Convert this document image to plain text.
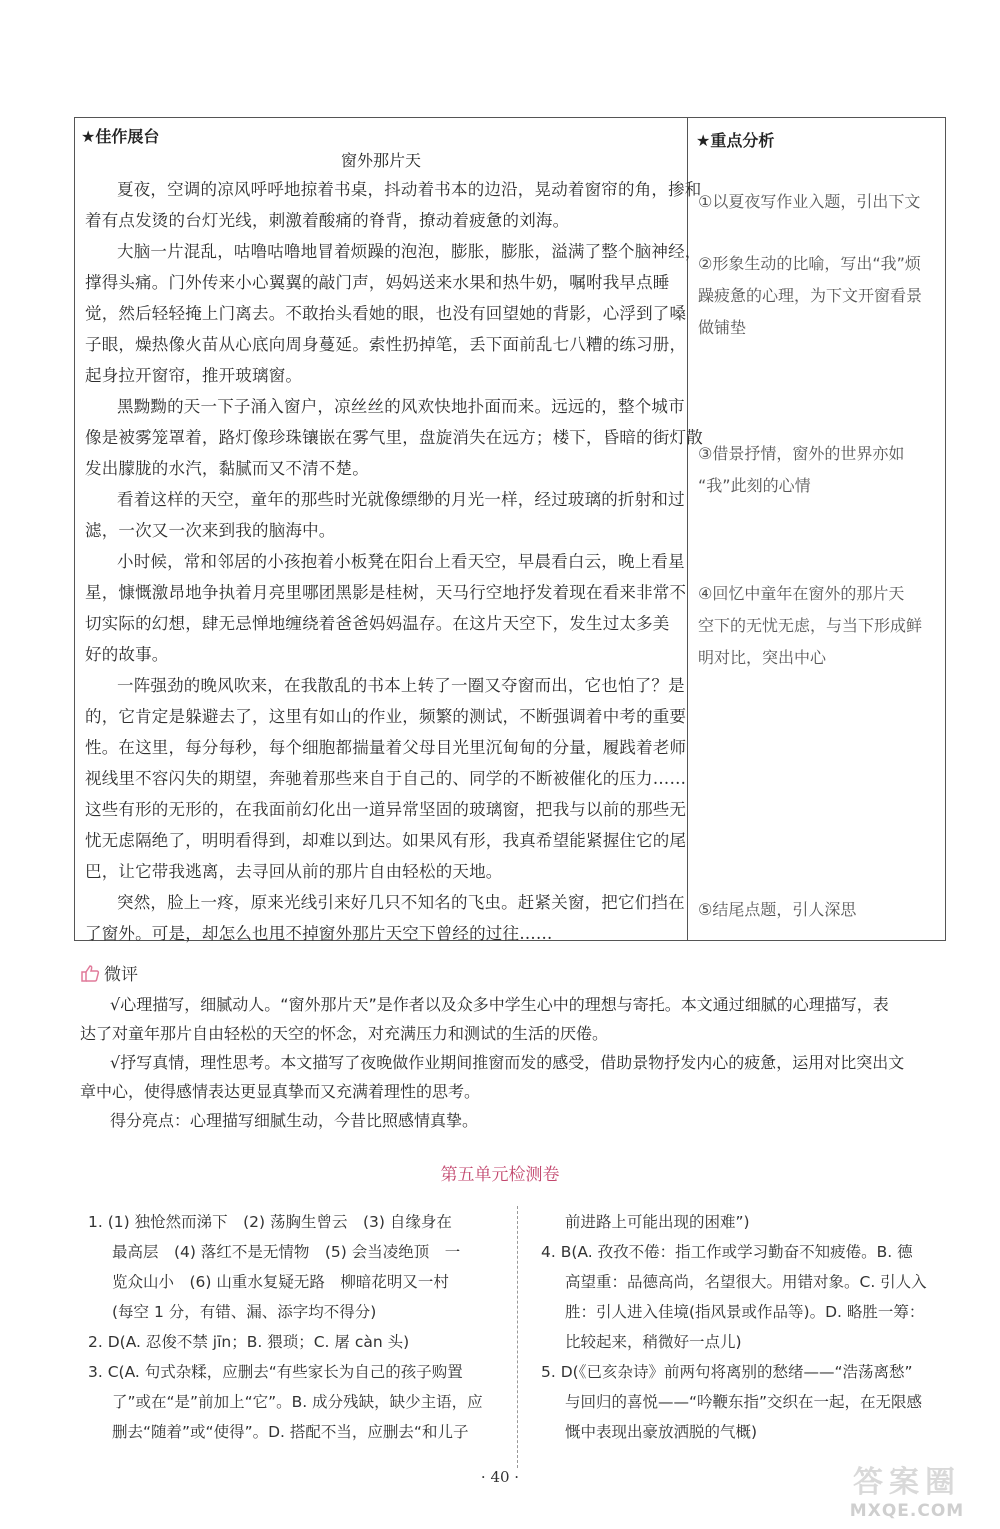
★佳作展台
窗外那片天
夏夜，空调的凉风呼呼地掠着书桌，抖动着书本的边沿，晃动着窗帘的角，掺和
着有点发烫的台灯光线，刺激着酸痛的脊背，撩动着疲惫的刘海。
大脑一片混乱，咕噜咕噜地冒着烦躁的泡泡，膨胀，膨胀，溢满了整个脑神经，
撑得头痛。门外传来小心翼翼的敲门声，妈妈送来水果和热牛奶，嘱咐我早点睡
觉，然后轻轻掩上门离去。不敢抬头看她的眼，也没有回望她的背影，心浮到了嗓
子眼，燥热像火苗从心底向周身蔓延。索性扔掉笔，丢下面前乱七八糟的练习册，
起身拉开窗帘，推开玻璃窗。
黑黝黝的天一下子涌入窗户，凉丝丝的风欢快地扑面而来。远远的，整个城市
像是被雾笼罩着，路灯像珍珠镶嵌在雾气里，盘旋消失在远方；楼下，昏暗的街灯散
发出朦胧的水汽，黏腻而又不清不楚。
看着这样的天空，童年的那些时光就像缥缈的月光一样，经过玻璃的折射和过
滤，一次又一次来到我的脑海中。
小时候，常和邻居的小孩抱着小板凳在阳台上看天空，早晨看白云，晚上看星
星，慷慨激昂地争执着月亮里哪团黑影是桂树，天马行空地抒发着现在看来非常不
切实际的幻想，肆无忌惮地缠绕着爸爸妈妈温存。在这片天空下，发生过太多美
好的故事。
一阵强劲的晚风吹来，在我散乱的书本上转了一圈又夺窗而出，它也怕了？是
的，它肯定是躲避去了，这里有如山的作业，频繁的测试，不断强调着中考的重要
性。在这里，每分每秒，每个细胞都揣量着父母目光里沉甸甸的分量，履践着老师
视线里不容闪失的期望，奔驰着那些来自于自己的、同学的不断被催化的压力……
这些有形的无形的，在我面前幻化出一道异常坚固的玻璃窗，把我与以前的那些无
忧无虑隔绝了，明明看得到，却难以到达。如果风有形，我真希望能紧握住它的尾
巴，让它带我逃离，去寻回从前的那片自由轻松的天地。
突然，脸上一疼，原来光线引来好几只不知名的飞虫。赶紧关窗，把它们挡在
了窗外。可是，却怎么也甩不掉窗外那片天空下曾经的过往……
★重点分析
①以夏夜写作业入题，引出下文
②形象生动的比喻，写出“我”烦
躁疲惫的心理，为下文开窗看景
做铺垫
③借景抒情，窗外的世界亦如
“我”此刻的心情
④回忆中童年在窗外的那片天
空下的无忧无虑，与当下形成鲜
明对比，突出中心
⑤结尾点题，引人深思
微评
√心理描写，细腻动人。“窗外那片天”是作者以及众多中学生心中的理想与寄托。本文通过细腻的心理描写，表
达了对童年那片自由轻松的天空的怀念，对充满压力和测试的生活的厌倦。
√抒写真情，理性思考。本文描写了夜晚做作业期间推窗而发的感受，借助景物抒发内心的疲惫，运用对比突出文
章中心，使得感情表达更显真挚而又充满着理性的思考。
得分亮点：心理描写细腻生动，今昔比照感情真挚。
第五单元检测卷
1. (1) 独怆然而涕下　(2) 荡胸生曾云　(3) 自缘身在
最高层　(4) 落红不是无情物　(5) 会当凌绝顶　一
览众山小　(6) 山重水复疑无路　柳暗花明又一村
(每空 1 分，有错、漏、添字均不得分)
2. D(A. 忍俊不禁 jīn；B. 猥琐；C. 屠 càn 头)
3. C(A. 句式杂糅，应删去“有些家长为自己的孩子购置
了”或在“是”前加上“它”。B. 成分残缺，缺少主语，应
删去“随着”或“使得”。D. 搭配不当，应删去“和儿子
前进路上可能出现的困难”)
4. B(A. 孜孜不倦：指工作或学习勤奋不知疲倦。B. 德
高望重：品德高尚，名望很大。用错对象。C. 引人入
胜：引人进入佳境(指风景或作品等)。D. 略胜一筹：
比较起来，稍微好一点儿)
5. D(《已亥杂诗》前两句将离别的愁绪——“浩荡离愁”
与回归的喜悦——“吟鞭东指”交织在一起，在无限感
慨中表现出豪放洒脱的气概)
· 40 ·	答案圈
MXQE.COM
